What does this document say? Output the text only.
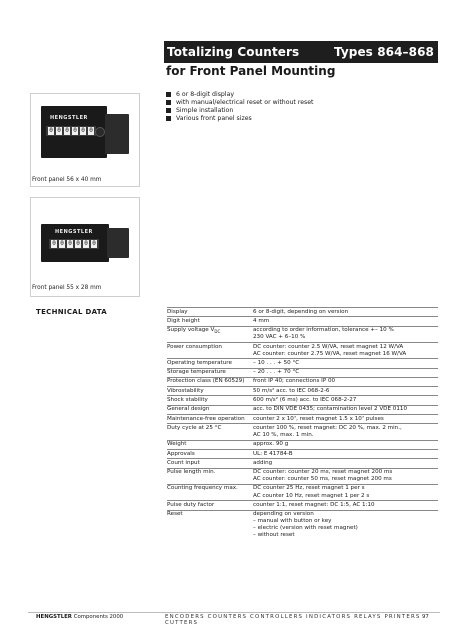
Totalizing Counters	Types 864–868
for Front Panel Mounting
6 or 8-digit display
with manual/electrical reset or without reset
Simple installation
Various front panel sizes
HENGSTLER
0 0 0 0 0 0
Front panel 56 x 40 mm
HENGSTLER
0 0 0 0 0 0
Front panel 55 x 28 mm
TECHNICAL DATA	Display	6 or 8-digit, depending on version

Digit height	4 mm

Supply voltage $V_{DC}$	according to order information, tolerance +– 10 %
230 VAC + 6–10 %

Power consumption	DC counter: counter 2.5 W/VA, reset magnet 12 W/VA
AC counter: counter 2.75 W/VA, reset magnet 16 W/VA

Operating temperature	– 10 . . . + 50 °C

Storage temperature	– 20 . . . + 70 °C

Protection class (EN 60529)	front IP 40; connections IP 00

Vibrostability	50 m/s² acc. to IEC 068-2-6

Shock stability	600 m/s² (6 ms) acc. to IEC 068-2-27

General design	acc. to DIN VDE 0435; contamination level 2 VDE 0110

Maintenance-free operation	counter 2 x 10⁷, reset magnet 1.5 x 10⁷ pulses

Duty cycle at 25 °C	counter 100 %, reset magnet: DC 20 %, max. 2 min.,
AC 10 %, max. 1 min.

Weight	approx. 90 g

Approvals	UL: E 41784-B

Count input	adding

Pulse length min.	DC counter: counter 20 ms, reset magnet 200 ms
AC counter: counter 50 ms, reset magnet 200 ms

Counting frequency max.	DC counter 25 Hz, reset magnet 1 per s
AC counter 10 Hz, reset magnet 1 per 2 s

Pulse duty factor	counter 1:1, reset magnet: DC 1:5, AC 1:10

Reset	depending on version
– manual with button or key
– electric (version with reset magnet)
– without reset
HENGSTLER Components 2000	ENCODERS COUNTERS CONTROLLERS INDICATORS RELAYS PRINTERS CUTTERS
97
